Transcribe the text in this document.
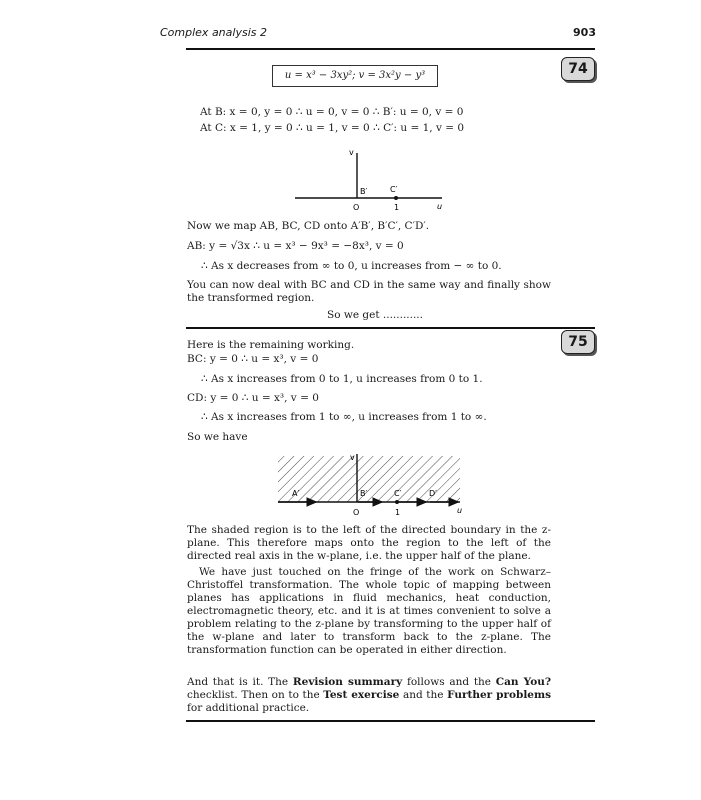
Complex analysis 2	903
74
u = x³ − 3xy²; v = 3x²y − y³
At B: x = 0, y = 0 ∴ u = 0, v = 0 ∴ B′: u = 0, v = 0
At C: x = 1, y = 0 ∴ u = 1, v = 0 ∴ C′: u = 1, v = 0
v
u
B′	C′
O	1
Now we map AB, BC, CD onto A′B′, B′C′, C′D′.
AB: y = √3x ∴ u = x³ − 9x³ = −8x³, v = 0
∴ As x decreases from ∞ to 0, u increases from − ∞ to 0.
You can now deal with BC and CD in the same way and finally show the transformed region.
So we get ............
75
Here is the remaining working.
BC: y = 0 ∴ u = x³, v = 0
∴ As x increases from 0 to 1, u increases from 0 to 1.
CD: y = 0 ∴ u = x³, v = 0
∴ As x increases from 1 to ∞, u increases from 1 to ∞.
So we have
v
u
A′	B′	C′	D′
O	1
The shaded region is to the left of the directed boundary in the z-plane. This therefore maps onto the region to the left of the directed real axis in the w-plane, i.e. the upper half of the plane.
We have just touched on the fringe of the work on Schwarz–Christoffel transformation. The whole topic of mapping between planes has applications in fluid mechanics, heat conduction, electromagnetic theory, etc. and it is at times convenient to solve a problem relating to the z-plane by transforming to the upper half of the w-plane and later to transform back to the z-plane. The transformation function can be operated in either direction.
And that is it. The Revision summary follows and the Can You? checklist. Then on to the Test exercise and the Further problems for additional practice.
